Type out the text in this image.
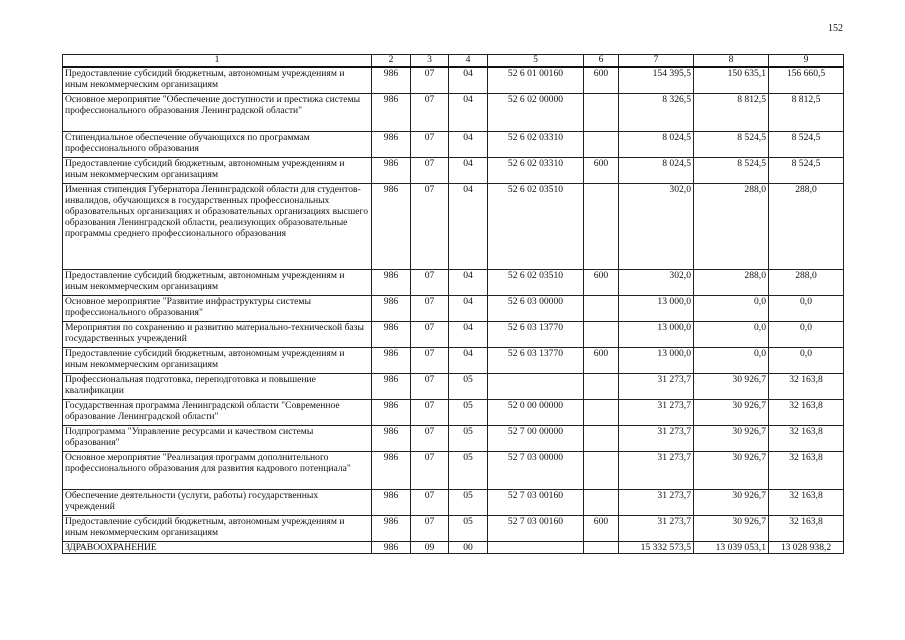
152
1	2	3	4	5	6	7	8	9
Предоставление субсидий бюджетным, автономным учреждениям и иным некоммерческим организациям	986	07	04	52 6 01 00160	600	154 395,5	150 635,1	156 660,5
Основное мероприятие "Обеспечение доступности и престижа системы профессионального образования Ленинградской области"	986	07	04	52 6 02 00000		8 326,5	8 812,5	8 812,5
Стипендиальное обеспечение обучающихся по программам профессионального образования	986	07	04	52 6 02 03310		8 024,5	8 524,5	8 524,5
Предоставление субсидий бюджетным, автономным учреждениям и иным некоммерческим организациям	986	07	04	52 6 02 03310	600	8 024,5	8 524,5	8 524,5
Именная стипендия Губернатора Ленинградской области для студентов-инвалидов, обучающихся в государственных профессиональных образовательных организациях и образовательных организациях высшего образования Ленинградской области, реализующих образовательные программы среднего профессионального образования	986	07	04	52 6 02 03510		302,0	288,0	288,0
Предоставление субсидий бюджетным, автономным учреждениям и иным некоммерческим организациям	986	07	04	52 6 02 03510	600	302,0	288,0	288,0
Основное мероприятие "Развитие инфраструктуры системы профессионального образования"	986	07	04	52 6 03 00000		13 000,0	0,0	0,0
Мероприятия по сохранению и развитию материально-технической базы государственных учреждений	986	07	04	52 6 03 13770		13 000,0	0,0	0,0
Предоставление субсидий бюджетным, автономным учреждениям и иным некоммерческим организациям	986	07	04	52 6 03 13770	600	13 000,0	0,0	0,0
Профессиональная подготовка, переподготовка и повышение квалификации	986	07	05			31 273,7	30 926,7	32 163,8
Государственная программа Ленинградской области "Современное образование Ленинградской области"	986	07	05	52 0 00 00000		31 273,7	30 926,7	32 163,8
Подпрограмма "Управление ресурсами и качеством системы образования"	986	07	05	52 7 00 00000		31 273,7	30 926,7	32 163,8
Основное мероприятие "Реализация программ дополнительного профессионального образования для развития кадрового потенциала"	986	07	05	52 7 03 00000		31 273,7	30 926,7	32 163,8
Обеспечение деятельности (услуги, работы) государственных учреждений	986	07	05	52 7 03 00160		31 273,7	30 926,7	32 163,8
Предоставление субсидий бюджетным, автономным учреждениям и иным некоммерческим организациям	986	07	05	52 7 03 00160	600	31 273,7	30 926,7	32 163,8
ЗДРАВООХРАНЕНИЕ	986	09	00			15 332 573,5	13 039 053,1	13 028 938,2
